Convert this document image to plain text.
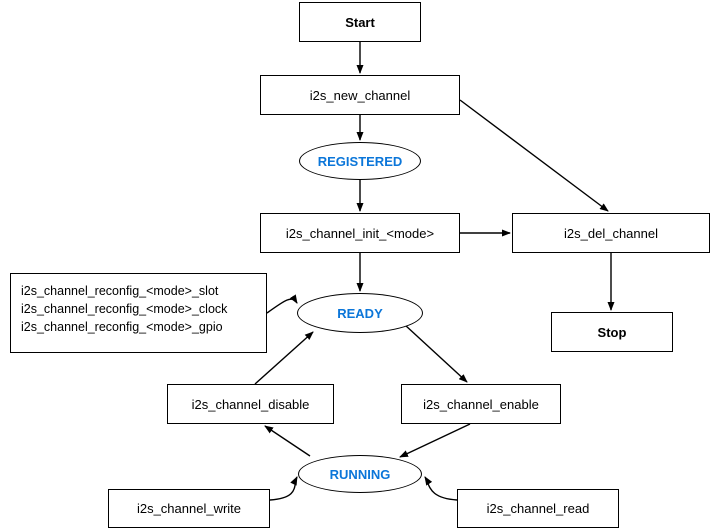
Start
i2s_new_channel
REGISTERED
i2s_channel_init_<mode>	i2s_del_channel
Stop
READY
i2s_channel_reconfig_<mode>_slot
i2s_channel_reconfig_<mode>_clock
i2s_channel_reconfig_<mode>_gpio
i2s_channel_disable	i2s_channel_enable
RUNNING
i2s_channel_write	i2s_channel_read
